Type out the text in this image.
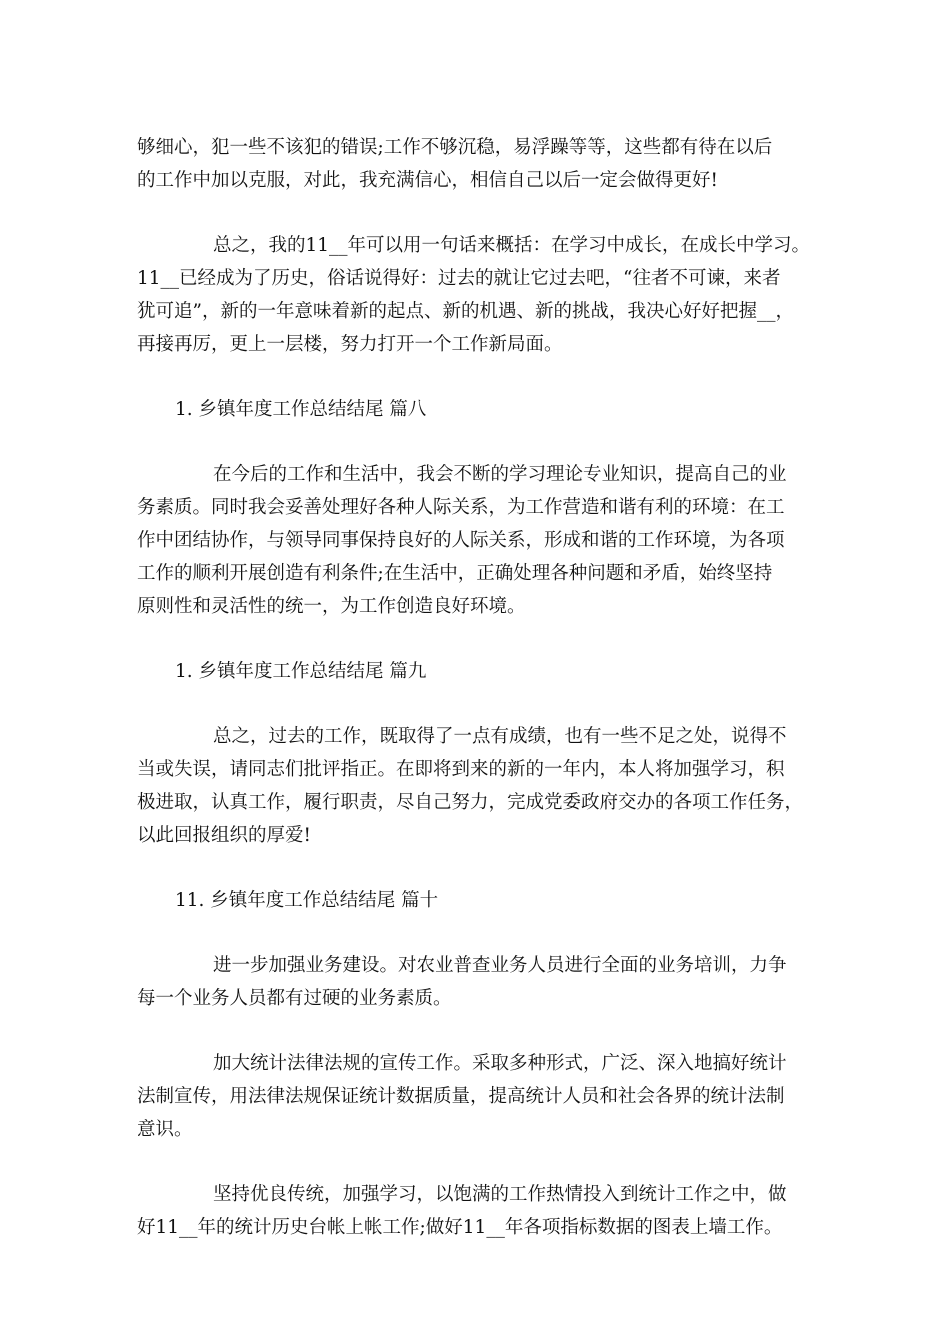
够细心，犯一些不该犯的错误;工作不够沉稳，易浮躁等等，这些都有待在以后

的工作中加以克服，对此，我充满信心，相信自己以后一定会做得更好!

总之，我的11__年可以用一句话来概括：在学习中成长，在成长中学习。

11__已经成为了历史，俗话说得好：过去的就让它过去吧，“往者不可谏，来者

犹可追”，新的一年意味着新的起点、新的机遇、新的挑战，我决心好好把握__，

再接再厉，更上一层楼，努力打开一个工作新局面。

1. 乡镇年度工作总结结尾 篇八

在今后的工作和生活中，我会不断的学习理论专业知识，提高自己的业

务素质。同时我会妥善处理好各种人际关系，为工作营造和谐有利的环境：在工

作中团结协作，与领导同事保持良好的人际关系，形成和谐的工作环境，为各项

工作的顺利开展创造有利条件;在生活中，正确处理各种问题和矛盾，始终坚持

原则性和灵活性的统一，为工作创造良好环境。

1. 乡镇年度工作总结结尾 篇九

总之，过去的工作，既取得了一点有成绩，也有一些不足之处，说得不

当或失误，请同志们批评指正。在即将到来的新的一年内，本人将加强学习，积

极进取，认真工作，履行职责，尽自己努力，完成党委政府交办的各项工作任务，

以此回报组织的厚爱!

11. 乡镇年度工作总结结尾 篇十

进一步加强业务建设。对农业普查业务人员进行全面的业务培训，力争

每一个业务人员都有过硬的业务素质。

加大统计法律法规的宣传工作。采取多种形式，广泛、深入地搞好统计

法制宣传，用法律法规保证统计数据质量，提高统计人员和社会各界的统计法制

意识。

坚持优良传统，加强学习，以饱满的工作热情投入到统计工作之中，做

好11__年的统计历史台帐上帐工作;做好11__年各项指标数据的图表上墙工作。
